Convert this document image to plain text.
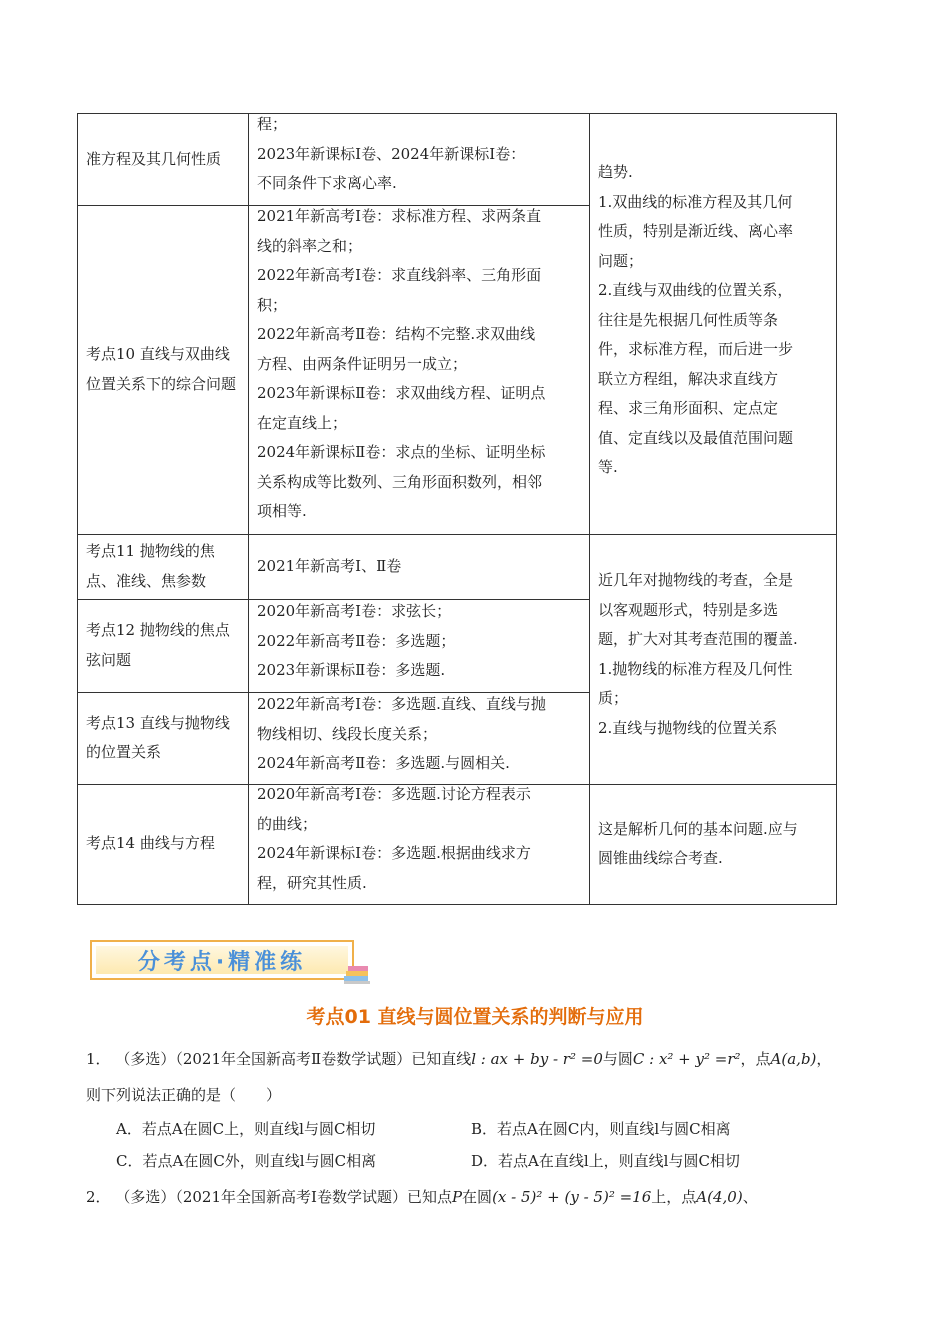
准方程及其几何性质

程；

2023年新课标Ⅰ卷、2024年新课标Ⅰ卷：

不同条件下求离心率.

考点10 直线与双曲线位置关系下的综合问题

2021年新高考Ⅰ卷：求标准方程、求两条直

线的斜率之和；

2022年新高考Ⅰ卷：求直线斜率、三角形面

积；

2022年新高考Ⅱ卷：结构不完整.求双曲线

方程、由两条件证明另一成立；

2023年新课标Ⅱ卷：求双曲线方程、证明点

在定直线上；

2024年新课标Ⅱ卷：求点的坐标、证明坐标

关系构成等比数列、三角形面积数列，相邻

项相等.

趋势.

1.双曲线的标准方程及其几何

性质，特别是渐近线、离心率

问题；

2.直线与双曲线的位置关系，

往往是先根据几何性质等条

件，求标准方程，而后进一步

联立方程组，解决求直线方

程、求三角形面积、定点定

值、定直线以及最值范围问题

等.

考点11 抛物线的焦点、准线、焦参数

2021年新高考Ⅰ、Ⅱ卷

考点12 抛物线的焦点弦问题

2020年新高考Ⅰ卷：求弦长；

2022年新高考Ⅱ卷：多选题；

2023年新课标Ⅱ卷：多选题.

考点13 直线与抛物线的位置关系

2022年新高考Ⅰ卷：多选题.直线、直线与抛

物线相切、线段长度关系；

2024年新高考Ⅱ卷：多选题.与圆相关.

近几年对抛物线的考查，全是

以客观题形式，特别是多选

题，扩大对其考查范围的覆盖.

1.抛物线的标准方程及几何性

质；

2.直线与抛物线的位置关系

考点14 曲线与方程

2020年新高考Ⅰ卷：多选题.讨论方程表示

的曲线；

2024年新课标Ⅰ卷：多选题.根据曲线求方

程，研究其性质.

这是解析几何的基本问题.应与

圆锥曲线综合考查.

分考点·精准练
考点01 直线与圆位置关系的判断与应用
1． （多选）（2021年全国新高考Ⅱ卷数学试题）已知直线l : ax + by - r² =0与圆C : x² + y² =r²，点A(a,b)，
则下列说法正确的是（　　）
A．若点A在圆C上，则直线l与圆C相切	B．若点A在圆C内，则直线l与圆C相离
C．若点A在圆C外，则直线l与圆C相离	D．若点A在直线l上，则直线l与圆C相切
2． （多选）（2021年全国新高考Ⅰ卷数学试题）已知点P在圆(x - 5)² + (y - 5)² =16上，点A(4,0)、
